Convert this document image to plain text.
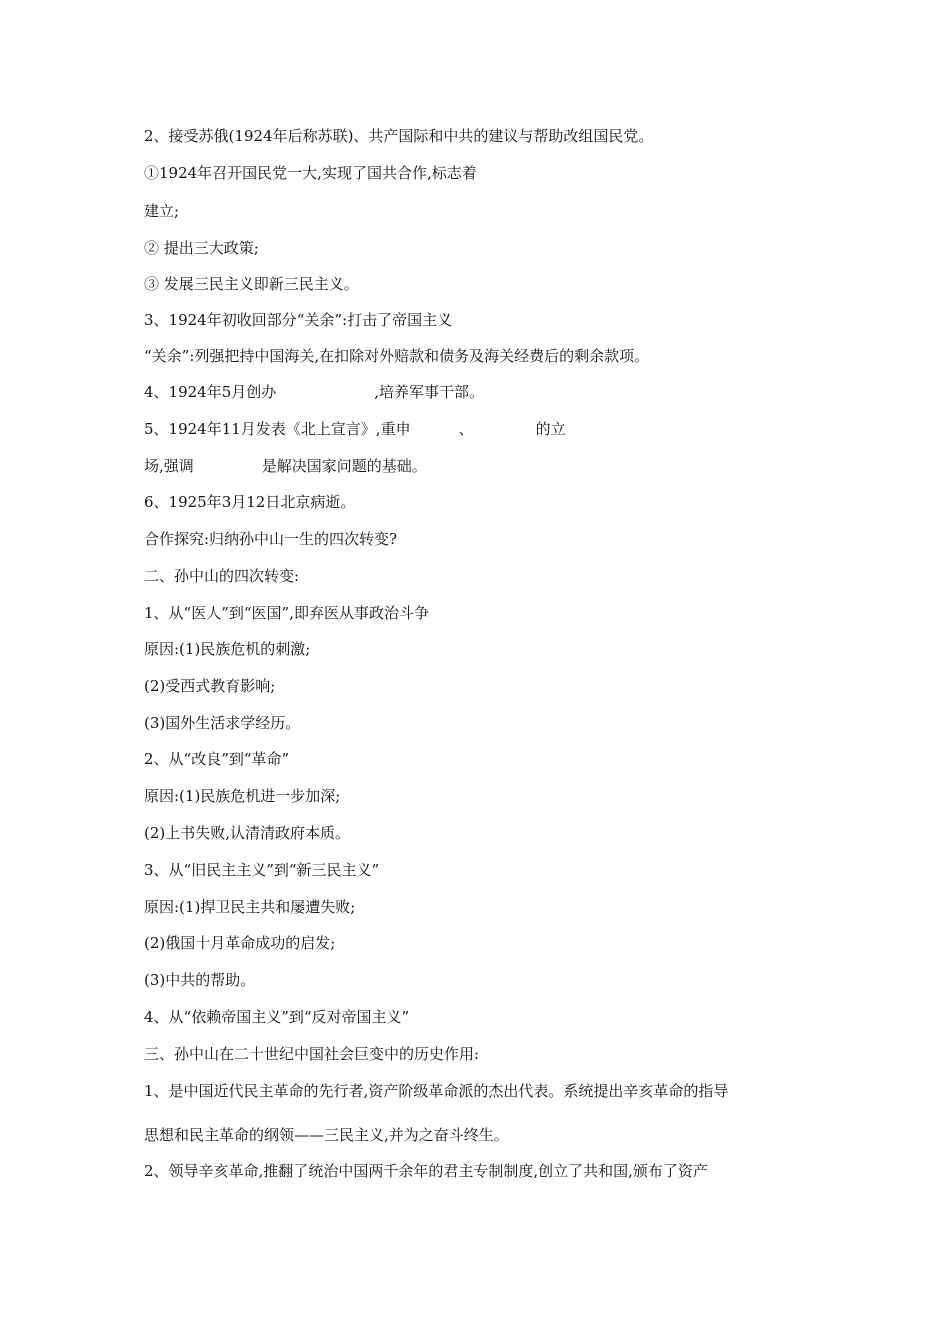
2、接受苏俄(1924年后称苏联)、共产国际和中共的建议与帮助改组国民党。
①1924年召开国民党一大,实现了国共合作,标志着
建立;
② 提出三大政策;
③ 发展三民主义即新三民主义。
3、1924年初收回部分“关余”:打击了帝国主义
“关余”:列强把持中国海关,在扣除对外赔款和债务及海关经费后的剩余款项。
4、1924年5月创办	,培养军事干部。
5、1924年11月发表《北上宣言》,重申	、	的立
场,强调	是解决国家问题的基础。
6、1925年3月12日北京病逝。
合作探究:归纳孙中山一生的四次转变?
二、孙中山的四次转变:
1、从“医人”到“医国”,即弃医从事政治斗争
原因:(1)民族危机的刺激;
(2)受西式教育影响;
(3)国外生活求学经历。
2、从“改良”到“革命”
原因:(1)民族危机进一步加深;
(2)上书失败,认清清政府本质。
3、从“旧民主主义”到“新三民主义”
原因:(1)捍卫民主共和屡遭失败;
(2)俄国十月革命成功的启发;
(3)中共的帮助。
4、从“依赖帝国主义”到“反对帝国主义”
三、孙中山在二十世纪中国社会巨变中的历史作用:
1、是中国近代民主革命的先行者,资产阶级革命派的杰出代表。系统提出辛亥革命的指导
思想和民主革命的纲领——三民主义,并为之奋斗终生。
2、领导辛亥革命,推翻了统治中国两千余年的君主专制制度,创立了共和国,颁布了资产
